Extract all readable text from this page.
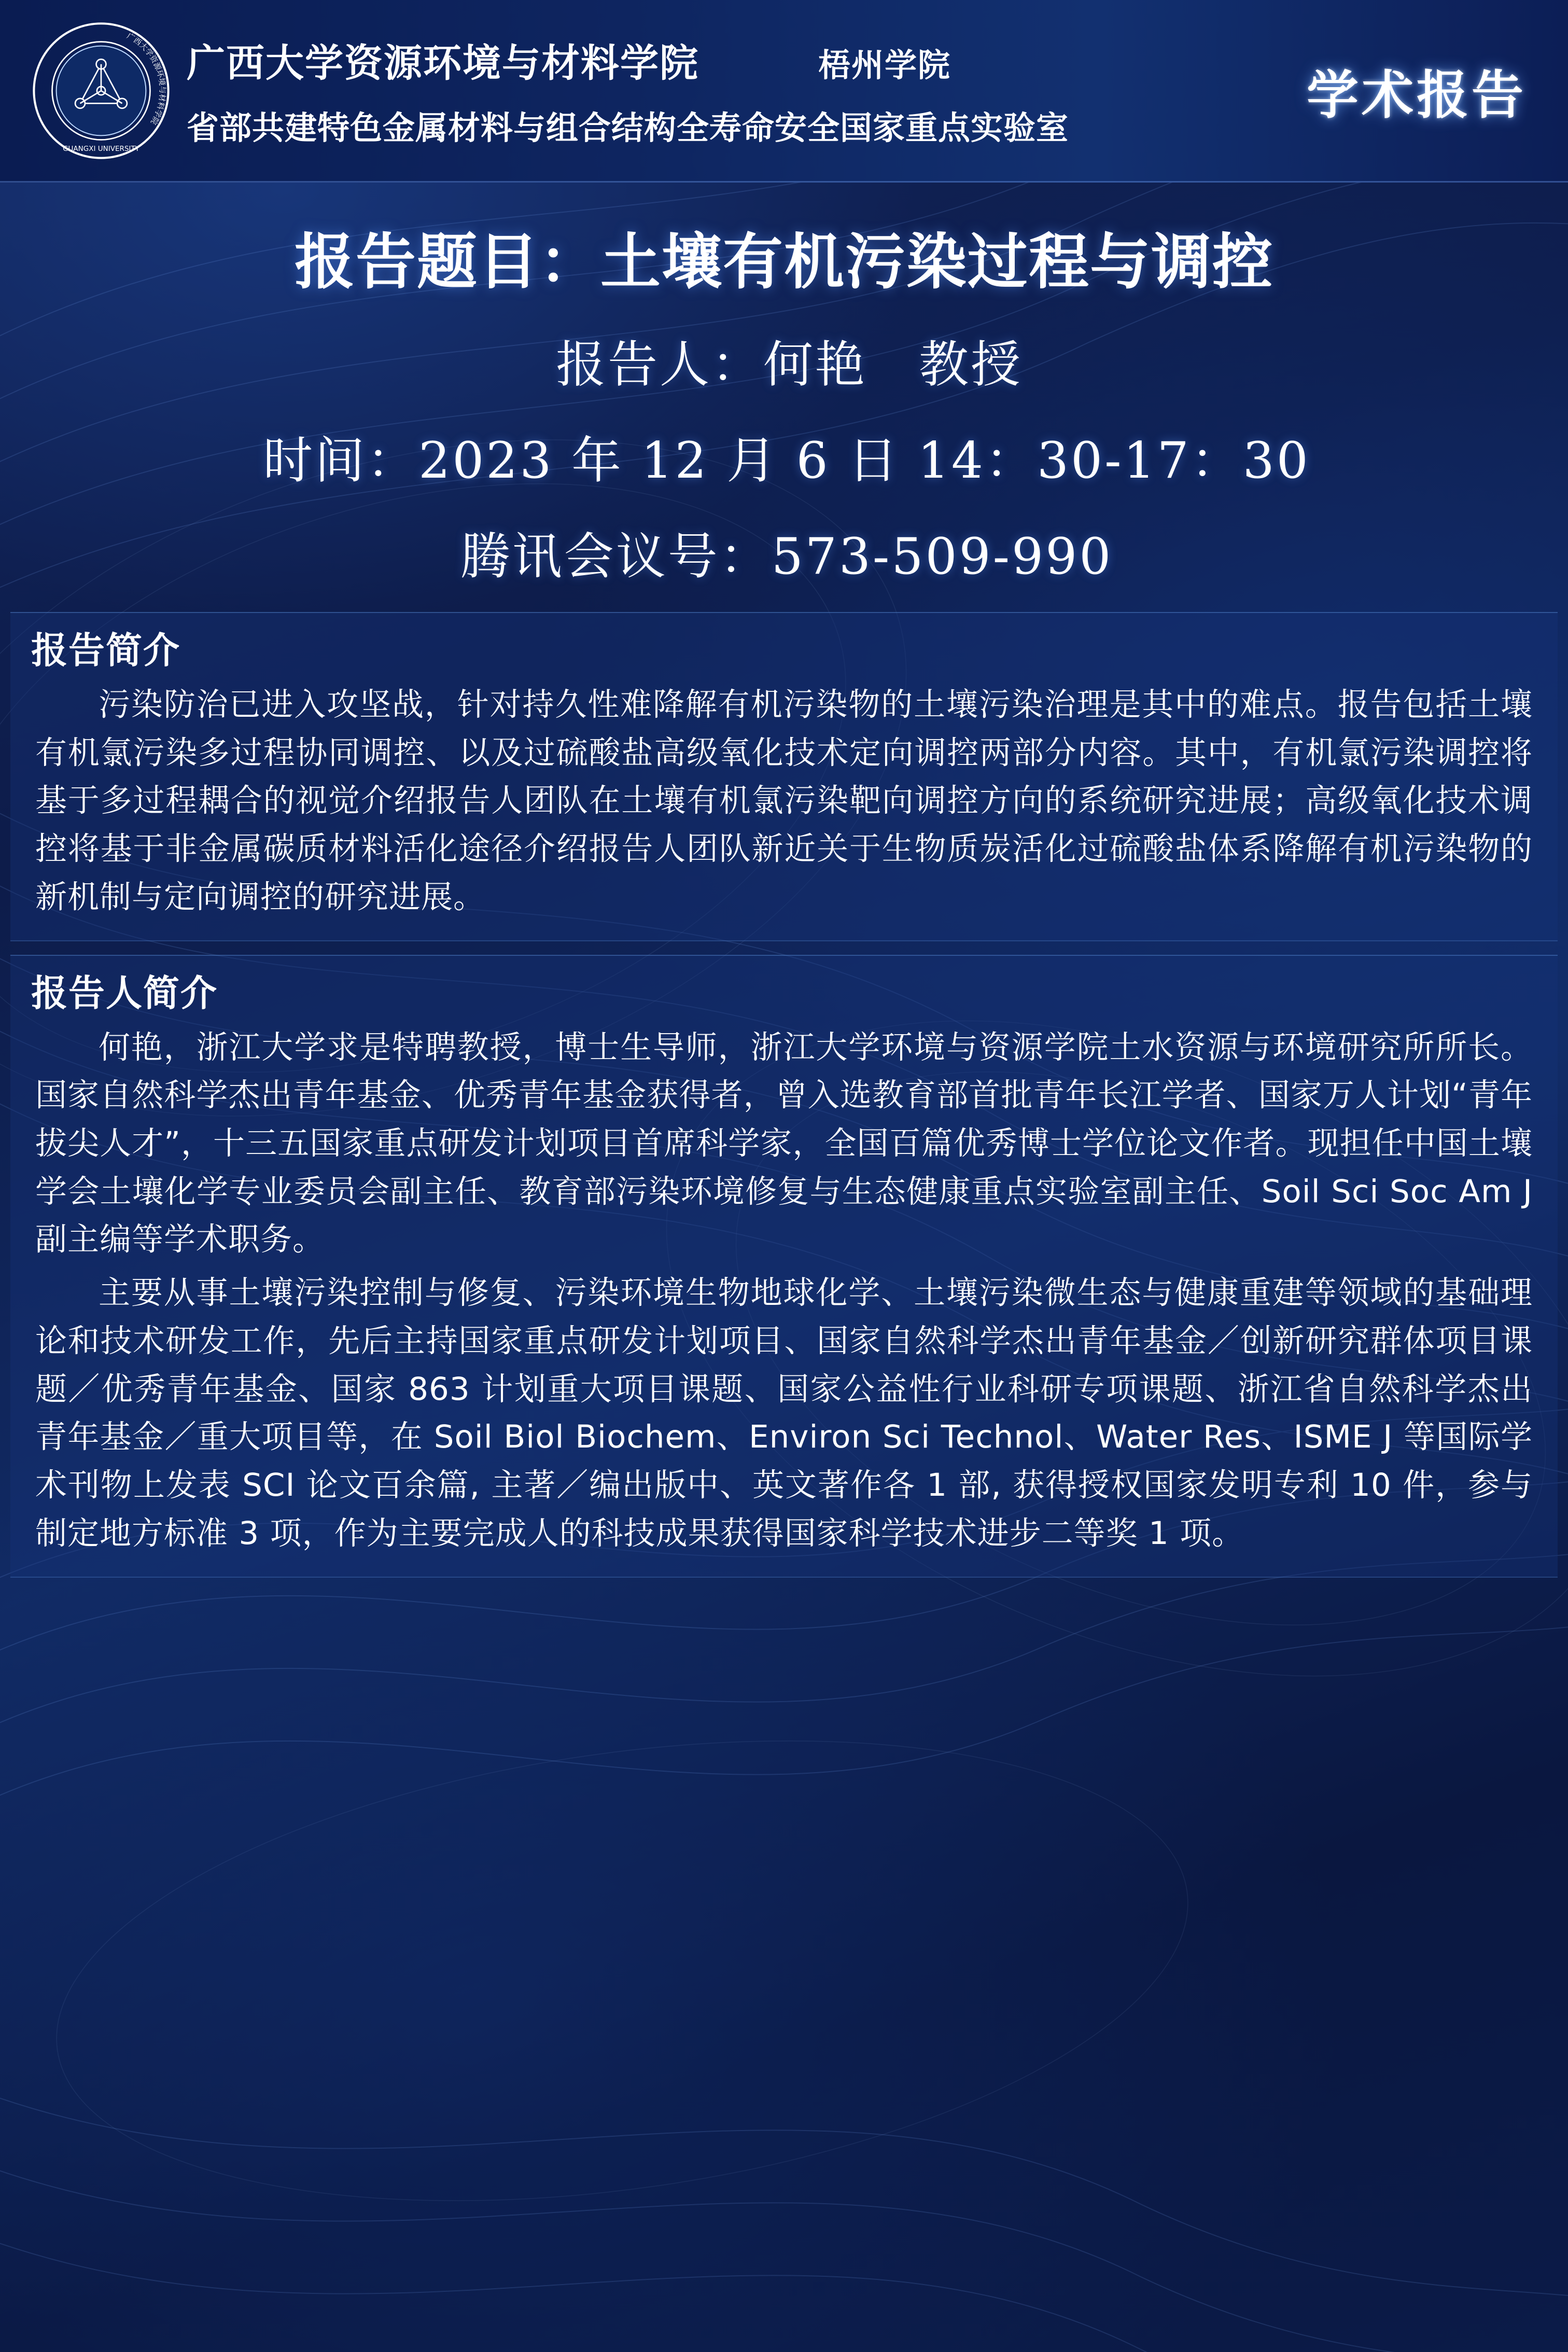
广西大学资源环境与材料学院
GUANGXI UNIVERSITY
广西大学资源环境与材料学院	梧州学院
省部共建特色金属材料与组合结构全寿命安全国家重点实验室
学术报告
报告题目：土壤有机污染过程与调控
报告人：何艳　教授
时间：2023 年 12 月 6 日 14：30-17：30
腾讯会议号：573-509-990
报告简介

污染防治已进入攻坚战，针对持久性难降解有机污染物的土壤污染治理是其中的难点。报告包括土壤有机氯污染多过程协同调控、以及过硫酸盐高级氧化技术定向调控两部分内容。其中，有机氯污染调控将基于多过程耦合的视觉介绍报告人团队在土壤有机氯污染靶向调控方向的系统研究进展；高级氧化技术调控将基于非金属碳质材料活化途径介绍报告人团队新近关于生物质炭活化过硫酸盐体系降解有机污染物的新机制与定向调控的研究进展。

报告人简介

何艳，浙江大学求是特聘教授，博士生导师，浙江大学环境与资源学院土水资源与环境研究所所长。国家自然科学杰出青年基金、优秀青年基金获得者，曾入选教育部首批青年长江学者、国家万人计划“青年拔尖人才”，十三五国家重点研发计划项目首席科学家，全国百篇优秀博士学位论文作者。现担任中国土壤学会土壤化学专业委员会副主任、教育部污染环境修复与生态健康重点实验室副主任、Soil Sci Soc Am J 副主编等学术职务。

主要从事土壤污染控制与修复、污染环境生物地球化学、土壤污染微生态与健康重建等领域的基础理论和技术研发工作，先后主持国家重点研发计划项目、国家自然科学杰出青年基金／创新研究群体项目课题／优秀青年基金、国家 863 计划重大项目课题、国家公益性行业科研专项课题、浙江省自然科学杰出青年基金／重大项目等，在 Soil Biol Biochem、Environ Sci Technol、Water Res、ISME J 等国际学术刊物上发表 SCI 论文百余篇, 主著／编出版中、英文著作各 1 部, 获得授权国家发明专利 10 件，参与制定地方标准 3 项，作为主要完成人的科技成果获得国家科学技术进步二等奖 1 项。
